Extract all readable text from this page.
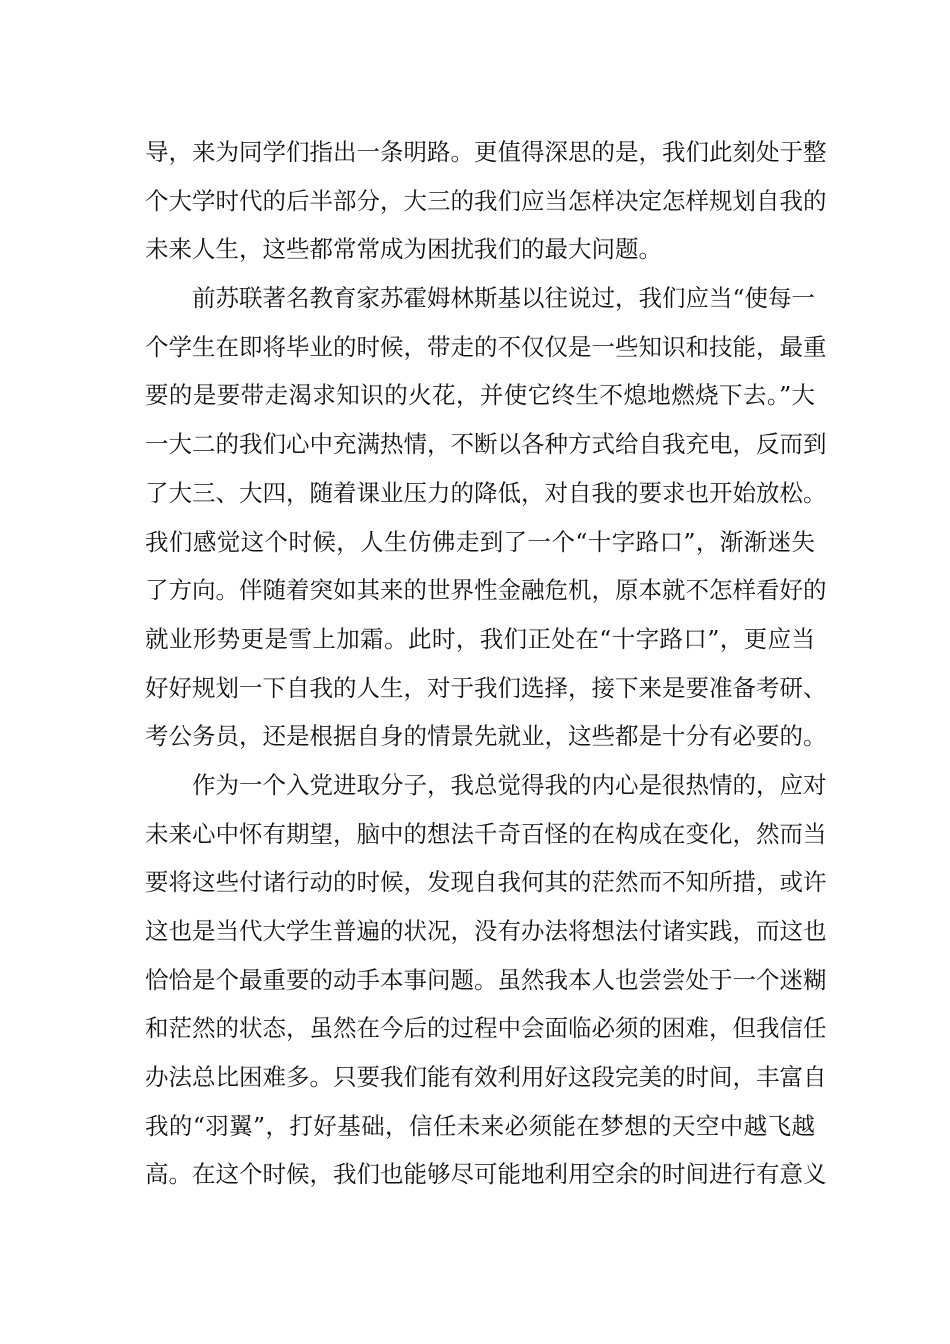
导，来为同学们指出一条明路。更值得深思的是，我们此刻处于整
个大学时代的后半部分，大三的我们应当怎样决定怎样规划自我的
未来人生，这些都常常成为困扰我们的最大问题。
前苏联著名教育家苏霍姆林斯基以往说过，我们应当“使每一
个学生在即将毕业的时候，带走的不仅仅是一些知识和技能，最重
要的是要带走渴求知识的火花，并使它终生不熄地燃烧下去。”大
一大二的我们心中充满热情，不断以各种方式给自我充电，反而到
了大三、大四，随着课业压力的降低，对自我的要求也开始放松。
我们感觉这个时候，人生仿佛走到了一个“十字路口”，渐渐迷失
了方向。伴随着突如其来的世界性金融危机，原本就不怎样看好的
就业形势更是雪上加霜。此时，我们正处在“十字路口”，更应当
好好规划一下自我的人生，对于我们选择，接下来是要准备考研、
考公务员，还是根据自身的情景先就业，这些都是十分有必要的。
作为一个入党进取分子，我总觉得我的内心是很热情的，应对
未来心中怀有期望，脑中的想法千奇百怪的在构成在变化，然而当
要将这些付诸行动的时候，发现自我何其的茫然而不知所措，或许
这也是当代大学生普遍的状况，没有办法将想法付诸实践，而这也
恰恰是个最重要的动手本事问题。虽然我本人也尝尝处于一个迷糊
和茫然的状态，虽然在今后的过程中会面临必须的困难，但我信任
办法总比困难多。只要我们能有效利用好这段完美的时间，丰富自
我的“羽翼”，打好基础，信任未来必须能在梦想的天空中越飞越
高。在这个时候，我们也能够尽可能地利用空余的时间进行有意义
